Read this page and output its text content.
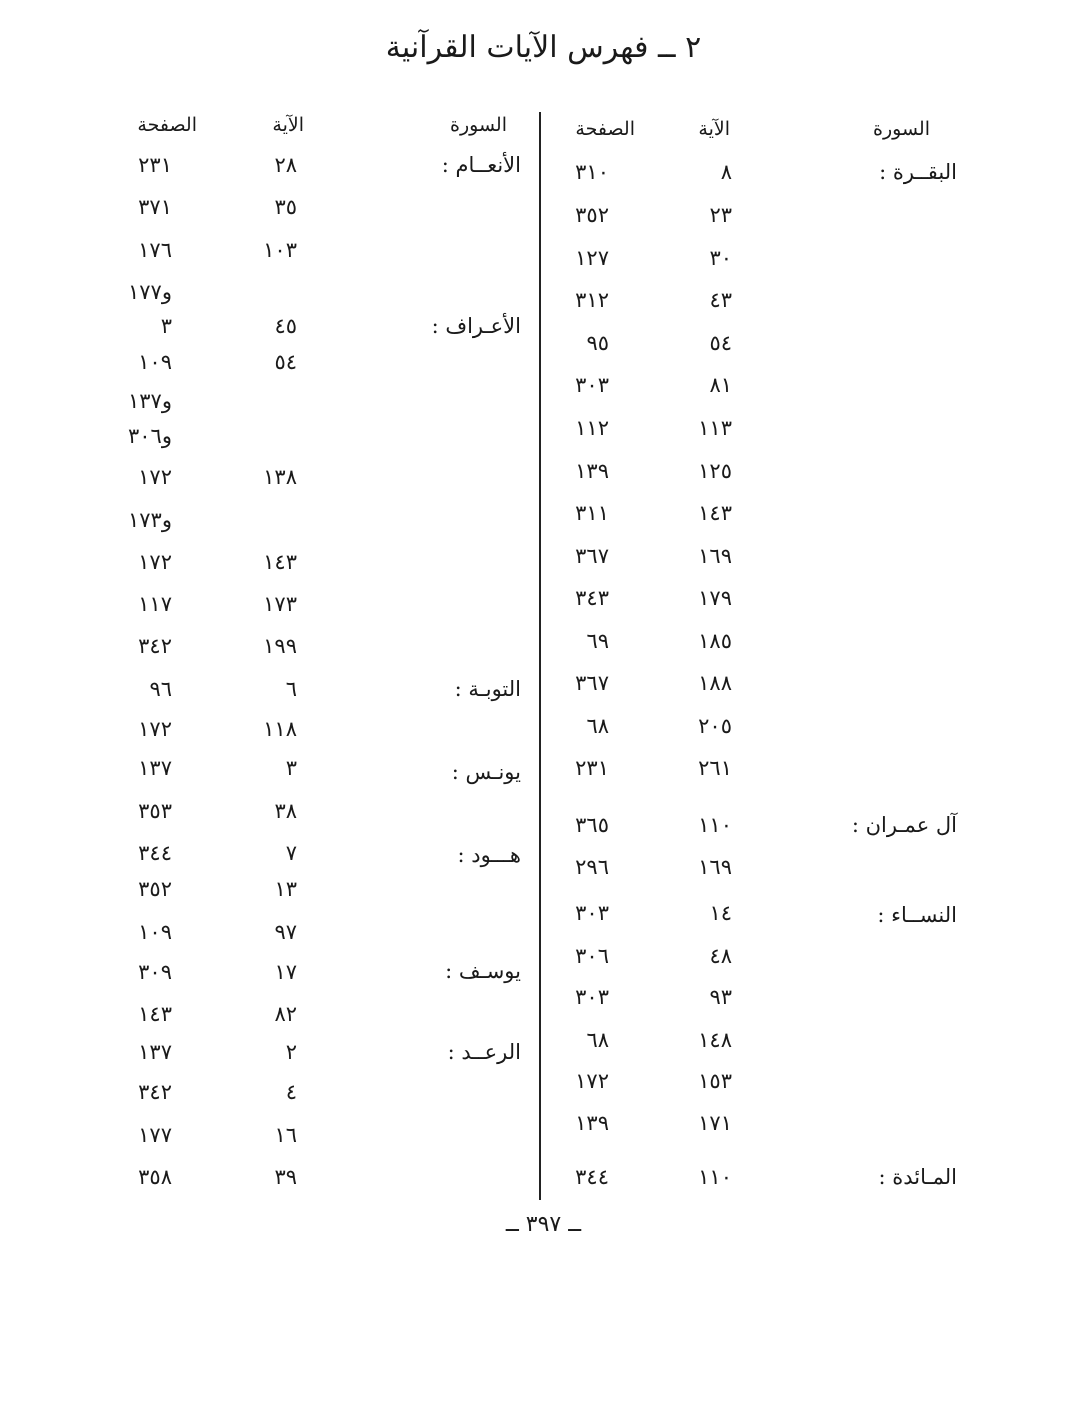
٢ ــ فهرس الآيات القرآنية
السورة
الآية
الصفحة
السورة
الآية
الصفحة
البقــرة :
آل عمـران :
النســاء :
المـائدة :
الأنعــام :
الأعـراف :
التوبـة :
يونـس :
هـــود :
يوسـف :
الرعــد :
٨
٣١٠
٢٣
٣٥٢
٣٠
١٢٧
٤٣
٣١٢
٥٤
٩٥
٨١
٣٠٣
١١٣
١١٢
١٢٥
١٣٩
١٤٣
٣١١
١٦٩
٣٦٧
١٧٩
٣٤٣
١٨٥
٦٩
١٨٨
٣٦٧
٢٠٥
٦٨
٢٦١
٢٣١
١١٠
٣٦٥
١٦٩
٢٩٦
١٤
٣٠٣
٤٨
٣٠٦
٩٣
٣٠٣
١٤٨
٦٨
١٥٣
١٧٢
١٧١
١٣٩
١١٠
٣٤٤
٢٨
٢٣١
٣٥
٣٧١
١٠٣
١٧٦
و١٧٧
٤٥
٣
٥٤
١٠٩
و١٣٧
و٣٠٦
١٣٨
١٧٢
و١٧٣
١٤٣
١٧٢
١٧٣
١١٧
١٩٩
٣٤٢
٦
٩٦
١١٨
١٧٢
٣
١٣٧
٣٨
٣٥٣
٧
٣٤٤
١٣
٣٥٢
٩٧
١٠٩
١٧
٣٠٩
٨٢
١٤٣
٢
١٣٧
٤
٣٤٢
١٦
١٧٧
٣٩
٣٥٨
ــ ٣٩٧ ــ
